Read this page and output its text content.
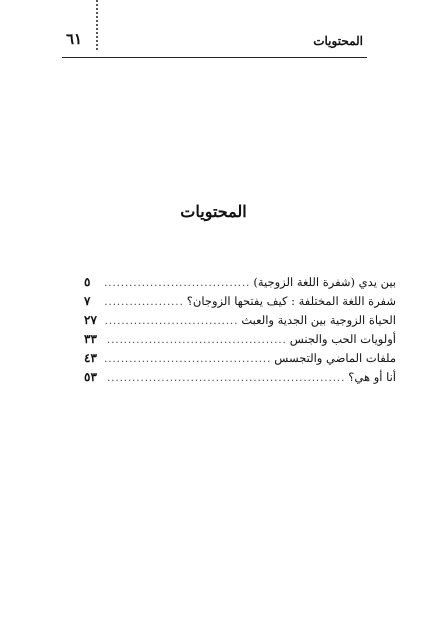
٦١	المحتويات
المحتويات
بين يدي (شفرة اللغة الزوجية)
.....
٥
شفرة اللغة المختلفة : كيف يفتحها الزوجان؟
.....
٧
الحياة الزوجية بين الجدية والعبث
.....
٢٧
أولويات الحب والجنس
.....
٣٣
ملفات الماضي والتجسس
.....
٤٣
أنا أو هي؟
.....
٥٣
